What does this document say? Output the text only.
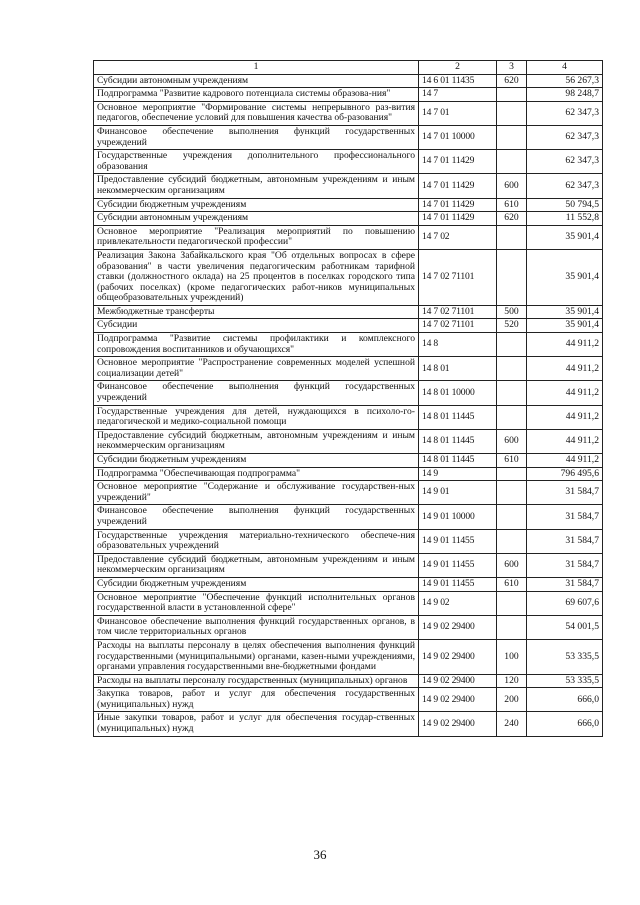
1	2	3	4
Субсидии автономным учреждениям	14 6 01 11435	620	56 267,3
Подпрограмма "Развитие кадрового потенциала системы образова-ния"	14 7		98 248,7
Основное мероприятие "Формирование системы непрерывного раз-вития педагогов, обеспечение условий для повышения качества об-разования"	14 7 01		62 347,3
Финансовое обеспечение выполнения функций государственных учреждений	14 7 01 10000		62 347,3
Государственные учреждения дополнительного профессионального образования	14 7 01 11429		62 347,3
Предоставление субсидий бюджетным, автономным учреждениям и иным некоммерческим организациям	14 7 01 11429	600	62 347,3
Субсидии бюджетным учреждениям	14 7 01 11429	610	50 794,5
Субсидии автономным учреждениям	14 7 01 11429	620	11 552,8
Основное мероприятие "Реализация мероприятий по повышению привлекательности педагогической профессии"	14 7 02		35 901,4
Реализация Закона Забайкальского края "Об отдельных вопросах в сфере образования" в части увеличения педагогическим работникам тарифной ставки (должностного оклада) на 25 процентов в поселках городского типа (рабочих поселках) (кроме педагогических работ-ников муниципальных общеобразовательных учреждений)	14 7 02 71101		35 901,4
Межбюджетные трансферты	14 7 02 71101	500	35 901,4
Субсидии	14 7 02 71101	520	35 901,4
Подпрограмма "Развитие системы профилактики и комплексного сопровождения воспитанников и обучающихся"	14 8		44 911,2
Основное мероприятие "Распространение современных моделей успешной социализации детей"	14 8 01		44 911,2
Финансовое обеспечение выполнения функций государственных учреждений	14 8 01 10000		44 911,2
Государственные учреждения для детей, нуждающихся в психоло-го-педагогической и медико-социальной помощи	14 8 01 11445		44 911,2
Предоставление субсидий бюджетным, автономным учреждениям и иным некоммерческим организациям	14 8 01 11445	600	44 911,2
Субсидии бюджетным учреждениям	14 8 01 11445	610	44 911,2
Подпрограмма "Обеспечивающая подпрограмма"	14 9		796 495,6
Основное мероприятие "Содержание и обслуживание государствен-ных учреждений"	14 9 01		31 584,7
Финансовое обеспечение выполнения функций государственных учреждений	14 9 01 10000		31 584,7
Государственные учреждения материально-технического обеспече-ния образовательных учреждений	14 9 01 11455		31 584,7
Предоставление субсидий бюджетным, автономным учреждениям и иным некоммерческим организациям	14 9 01 11455	600	31 584,7
Субсидии бюджетным учреждениям	14 9 01 11455	610	31 584,7
Основное мероприятие "Обеспечение функций исполнительных органов государственной власти в установленной сфере"	14 9 02		69 607,6
Финансовое обеспечение выполнения функций государственных органов, в том числе территориальных органов	14 9 02 29400		54 001,5
Расходы на выплаты персоналу в целях обеспечения выполнения функций государственными (муниципальными) органами, казен-ными учреждениями, органами управления государственными вне-бюджетными фондами	14 9 02 29400	100	53 335,5
Расходы на выплаты персоналу государственных (муниципальных) органов	14 9 02 29400	120	53 335,5
Закупка товаров, работ и услуг для обеспечения государственных (муниципальных) нужд	14 9 02 29400	200	666,0
Иные закупки товаров, работ и услуг для обеспечения государ-ственных (муниципальных) нужд	14 9 02 29400	240	666,0
36
